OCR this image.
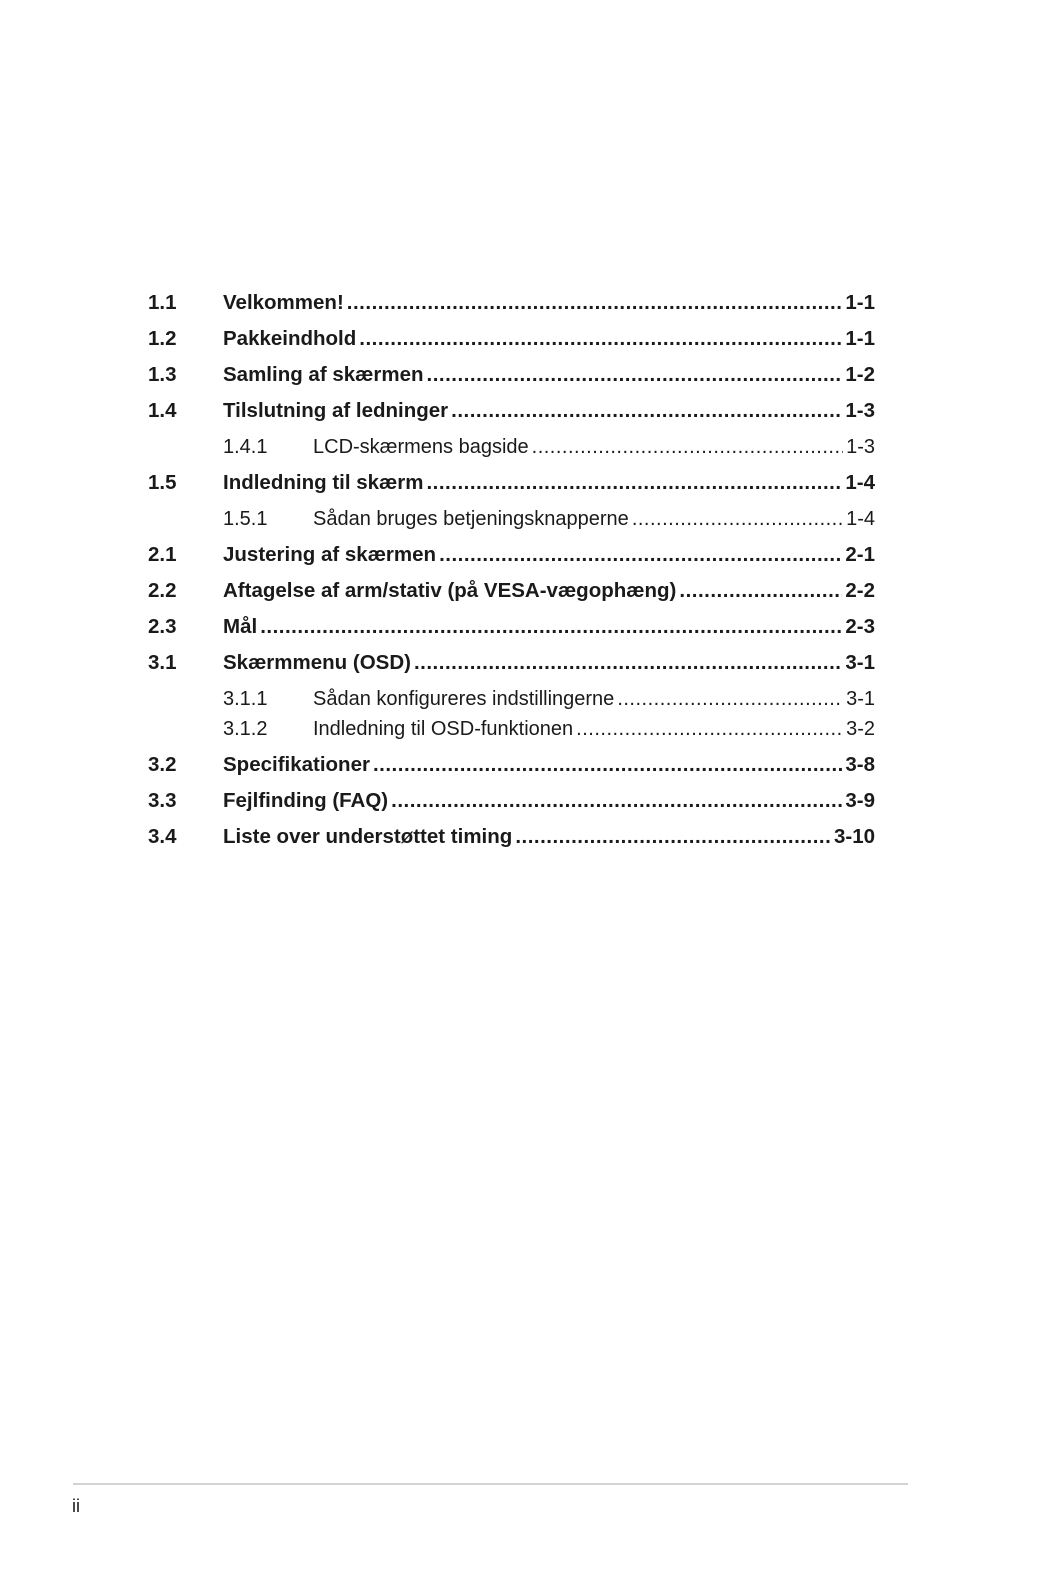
1.1	Velkommen! .....	1-1
1.2	Pakkeindhold .....	1-1
1.3	Samling af skærmen .....	1-2
1.4	Tilslutning af ledninger .....	1-3
1.4.1	LCD-skærmens bagside .....	1-3
1.5	Indledning til skærm .....	1-4
1.5.1	Sådan bruges betjeningsknapperne .....	1-4
2.1	Justering af skærmen .....	2-1
2.2	Aftagelse af arm/stativ (på VESA-vægophæng) .....	2-2
2.3	Mål .....	2-3
3.1	Skærmmenu (OSD) .....	3-1
3.1.1	Sådan konfigureres indstillingerne .....	3-1
3.1.2	Indledning til OSD-funktionen .....	3-2
3.2	Specifikationer .....	3-8
3.3	Fejlfinding (FAQ) .....	3-9
3.4	Liste over understøttet timing .....	3-10
ii
